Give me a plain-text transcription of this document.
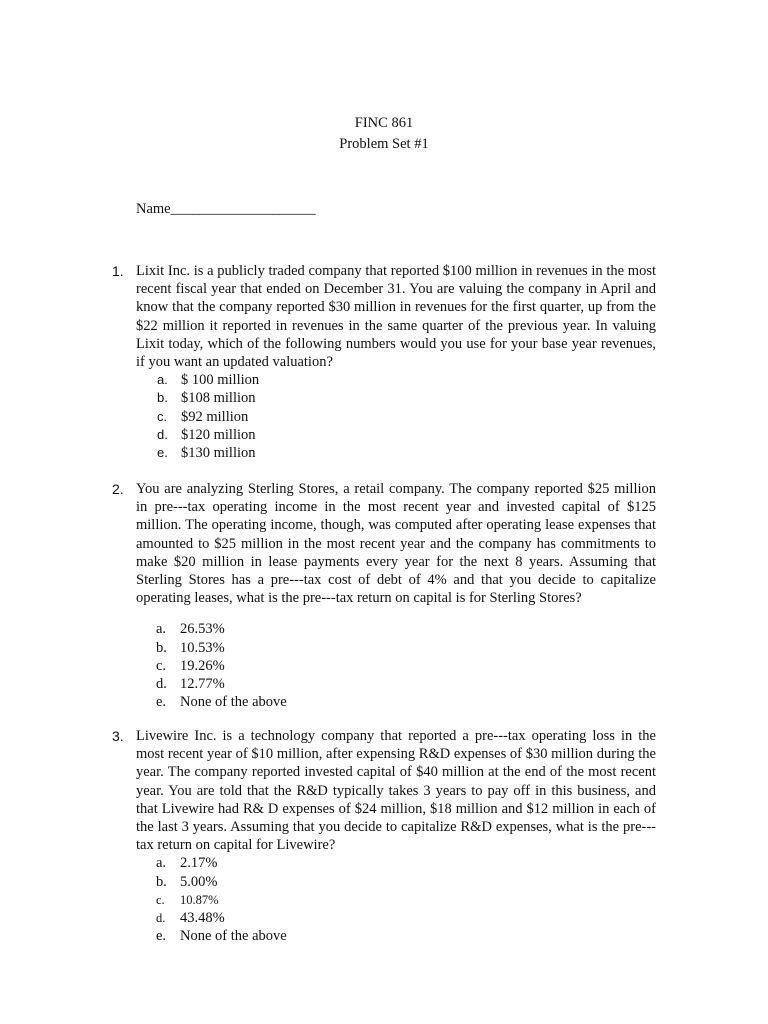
FINC 861
Problem Set #1
Name____________________
1. Lixit Inc. is a publicly traded company that reported $100 million in revenues in the most recent fiscal year that ended on December 31. You are valuing the company in April and know that the company reported $30 million in revenues for the first quarter, up from the $22 million it reported in revenues in the same quarter of the previous year. In valuing Lixit today, which of the following numbers would you use for your base year revenues, if you want an updated valuation?
a. $ 100 million
b. $108 million
c. $92 million
d. $120 million
e. $130 million
2. You are analyzing Sterling Stores, a retail company. The company reported $25 million in pre---tax operating income in the most recent year and invested capital of $125 million. The operating income, though, was computed after operating lease expenses that amounted to $25 million in the most recent year and the company has commitments to make $20 million in lease payments every year for the next 8 years. Assuming that Sterling Stores has a pre---tax cost of debt of 4% and that you decide to capitalize operating leases, what is the pre---tax return on capital is for Sterling Stores?
a. 26.53%
b. 10.53%
c. 19.26%
d. 12.77%
e. None of the above
3. Livewire Inc. is a technology company that reported a pre---tax operating loss in the most recent year of $10 million, after expensing R&D expenses of $30 million during the year. The company reported invested capital of $40 million at the end of the most recent year. You are told that the R&D typically takes 3 years to pay off in this business, and that Livewire had R& D expenses of $24 million, $18 million and $12 million in each of the last 3 years. Assuming that you decide to capitalize R&D expenses, what is the pre---tax return on capital for Livewire?
a. 2.17%
b. 5.00%
c. 10.87%
d. 43.48%
e. None of the above
